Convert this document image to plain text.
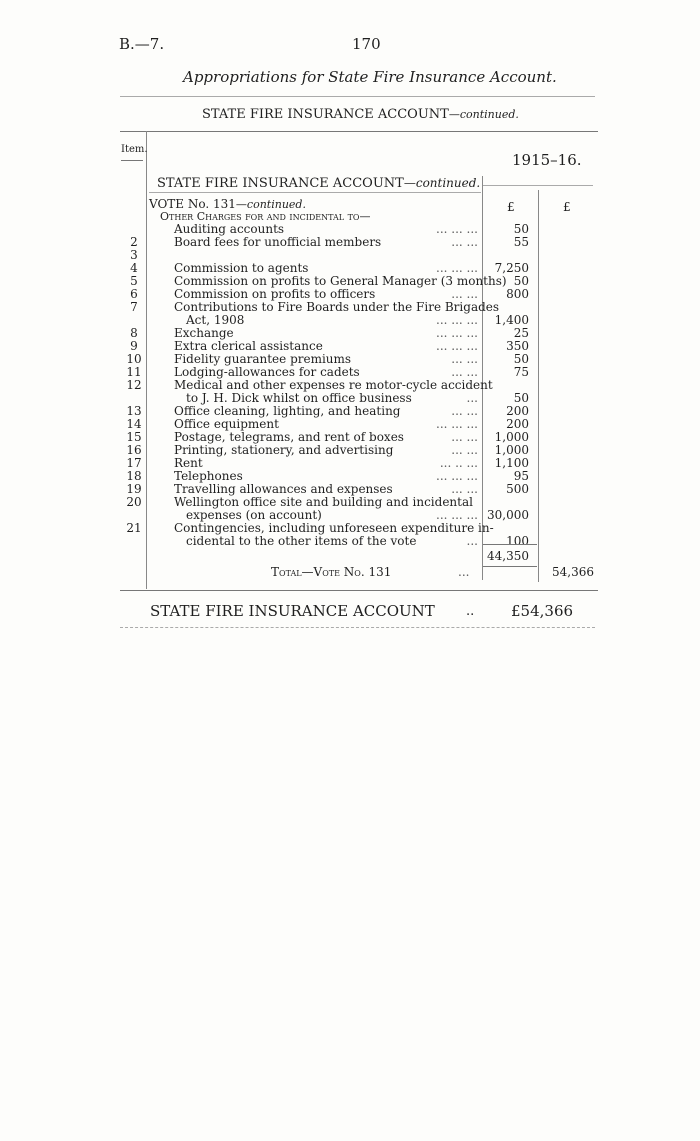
B.—7.	170
Appropriations for State Fire Insurance Account.
STATE FIRE INSURANCE ACCOUNT—continued.
Item.
1915–16.
STATE FIRE INSURANCE ACCOUNT—continued.
VOTE No. 131—continued.	£	£
Other Charges for and incidental to—
Auditing accounts	... ... ...	50
2	Board fees for unofficial members	... ...	55
3
4	Commission to agents	... ... ...	7,250
5	Commission on profits to General Manager (3 months) 50
6	Commission on profits to officers	... ...	800
7	Contributions to Fire Boards under the Fire Brigades
Act, 1908	... ... ...	1,400
8	Exchange	... ... ...	25
9	Extra clerical assistance	... ... ...	350
10	Fidelity guarantee premiums	... ...	50
11	Lodging-allowances for cadets	... ...	75
12	Medical and other expenses re motor-cycle accident
to J. H. Dick whilst on office business	...	50
13	Office cleaning, lighting, and heating	... ...	200
14	Office equipment	... ... ...	200
15	Postage, telegrams, and rent of boxes	... ...	1,000
16	Printing, stationery, and advertising	... ...	1,000
17	Rent	... .. ...	1,100
18	Telephones	... ... ...	95
19	Travelling allowances and expenses	... ...	500
20	Wellington office site and building and incidental
expenses (on account)	... ... ... 30,000
21	Contingencies, including unforeseen expenditure in-
cidental to the other items of the vote	...	100
44,350
Total—Vote No. 131	...	54,366
STATE FIRE INSURANCE ACCOUNT .. £54,366
